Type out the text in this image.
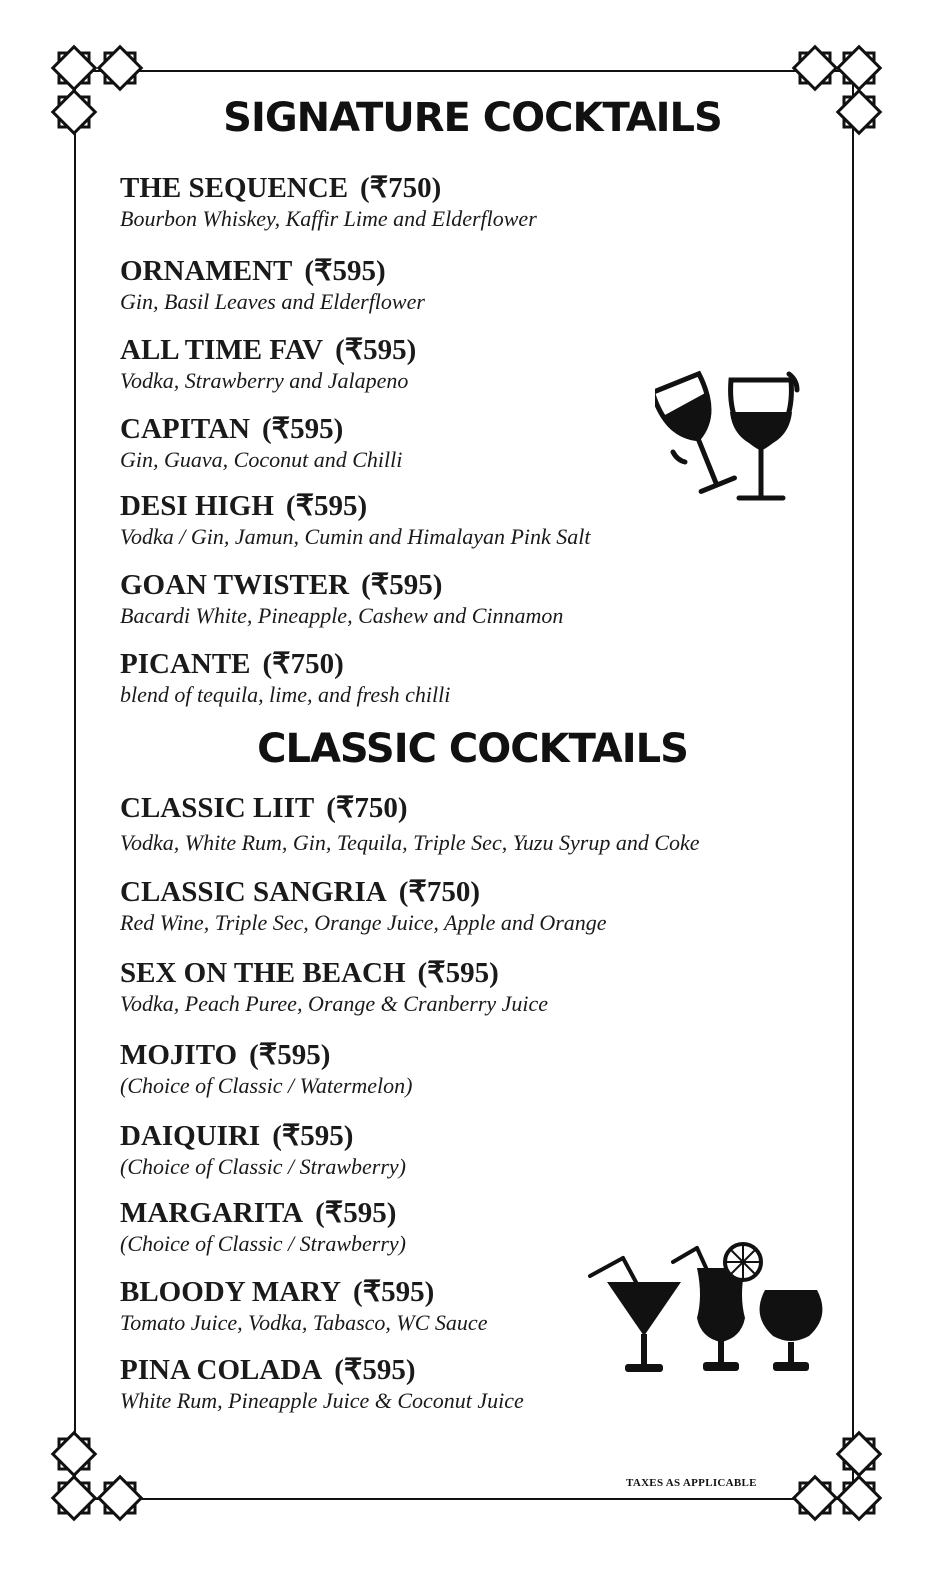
SIGNATURE COCKTAILS
THE SEQUENCE (₹750)
Bourbon Whiskey, Kaffir Lime and Elderflower
ORNAMENT (₹595)
Gin, Basil Leaves and Elderflower
ALL TIME FAV (₹595)
Vodka, Strawberry and Jalapeno
CAPITAN (₹595)
Gin, Guava, Coconut and Chilli
DESI HIGH (₹595)
Vodka / Gin, Jamun, Cumin and Himalayan Pink Salt
GOAN TWISTER (₹595)
Bacardi White, Pineapple, Cashew and Cinnamon
PICANTE (₹750)
blend of tequila, lime, and fresh chilli
CLASSIC COCKTAILS
CLASSIC LIIT (₹750)
Vodka, White Rum, Gin, Tequila, Triple Sec, Yuzu Syrup and Coke
CLASSIC SANGRIA (₹750)
Red Wine, Triple Sec, Orange Juice, Apple and Orange
SEX ON THE BEACH (₹595)
Vodka, Peach Puree, Orange & Cranberry Juice
MOJITO (₹595)
(Choice of Classic / Watermelon)
DAIQUIRI (₹595)
(Choice of Classic / Strawberry)
MARGARITA (₹595)
(Choice of Classic / Strawberry)
BLOODY MARY (₹595)
Tomato Juice, Vodka, Tabasco, WC Sauce
PINA COLADA (₹595)
White Rum, Pineapple Juice & Coconut Juice
TAXES AS APPLICABLE
